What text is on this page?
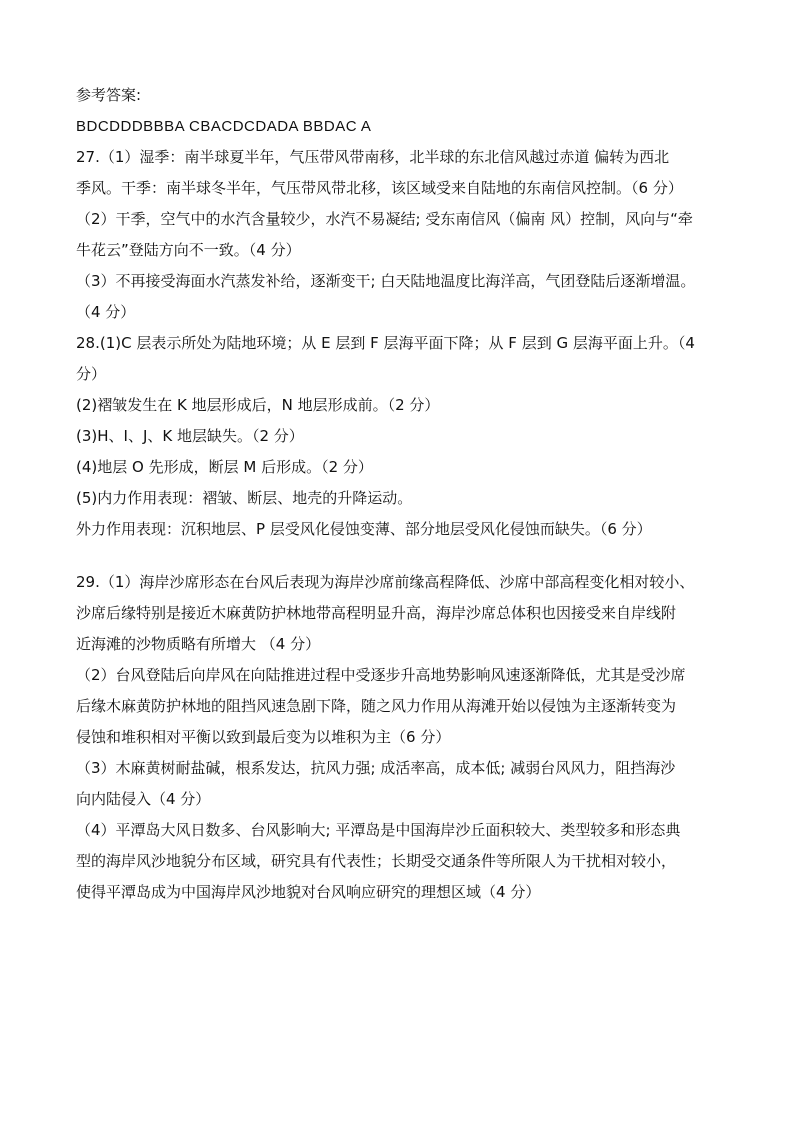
参考答案:
BDCDDDBBBA CBACDCDADA BBDAC A
27.（1）湿季：南半球夏半年，气压带风带南移，北半球的东北信风越过赤道 偏转为西北
季风。干季：南半球冬半年，气压带风带北移，该区域受来自陆地的东南信风控制。（6 分）
（2）干季，空气中的水汽含量较少，水汽不易凝结; 受东南信风（偏南 风）控制，风向与“牵
牛花云”登陆方向不一致。（4 分）
（3）不再接受海面水汽蒸发补给，逐渐变干; 白天陆地温度比海洋高，气团登陆后逐渐增温。
（4 分）
28.(1)C 层表示所处为陆地环境；从 E 层到 F 层海平面下降；从 F 层到 G 层海平面上升。（4
分）
(2)褶皱发生在 K 地层形成后，N 地层形成前。（2 分）
(3)H、I、J、K 地层缺失。（2 分）
(4)地层 O 先形成，断层 M 后形成。（2 分）
(5)内力作用表现：褶皱、断层、地壳的升降运动。
外力作用表现：沉积地层、P 层受风化侵蚀变薄、部分地层受风化侵蚀而缺失。（6 分）
29.（1）海岸沙席形态在台风后表现为海岸沙席前缘高程降低、沙席中部高程变化相对较小、
沙席后缘特别是接近木麻黄防护林地带高程明显升高，海岸沙席总体积也因接受来自岸线附
近海滩的沙物质略有所增大 （4 分）
（2）台风登陆后向岸风在向陆推进过程中受逐步升高地势影响风速逐渐降低，尤其是受沙席
后缘木麻黄防护林地的阻挡风速急剧下降，随之风力作用从海滩开始以侵蚀为主逐渐转变为
侵蚀和堆积相对平衡以致到最后变为以堆积为主（6 分）
（3）木麻黄树耐盐碱，根系发达，抗风力强; 成活率高，成本低; 减弱台风风力，阻挡海沙
向内陆侵入（4 分）
（4）平潭岛大风日数多、台风影响大; 平潭岛是中国海岸沙丘面积较大、类型较多和形态典
型的海岸风沙地貌分布区域，研究具有代表性；长期受交通条件等所限人为干扰相对较小，
使得平潭岛成为中国海岸风沙地貌对台风响应研究的理想区域（4 分）
